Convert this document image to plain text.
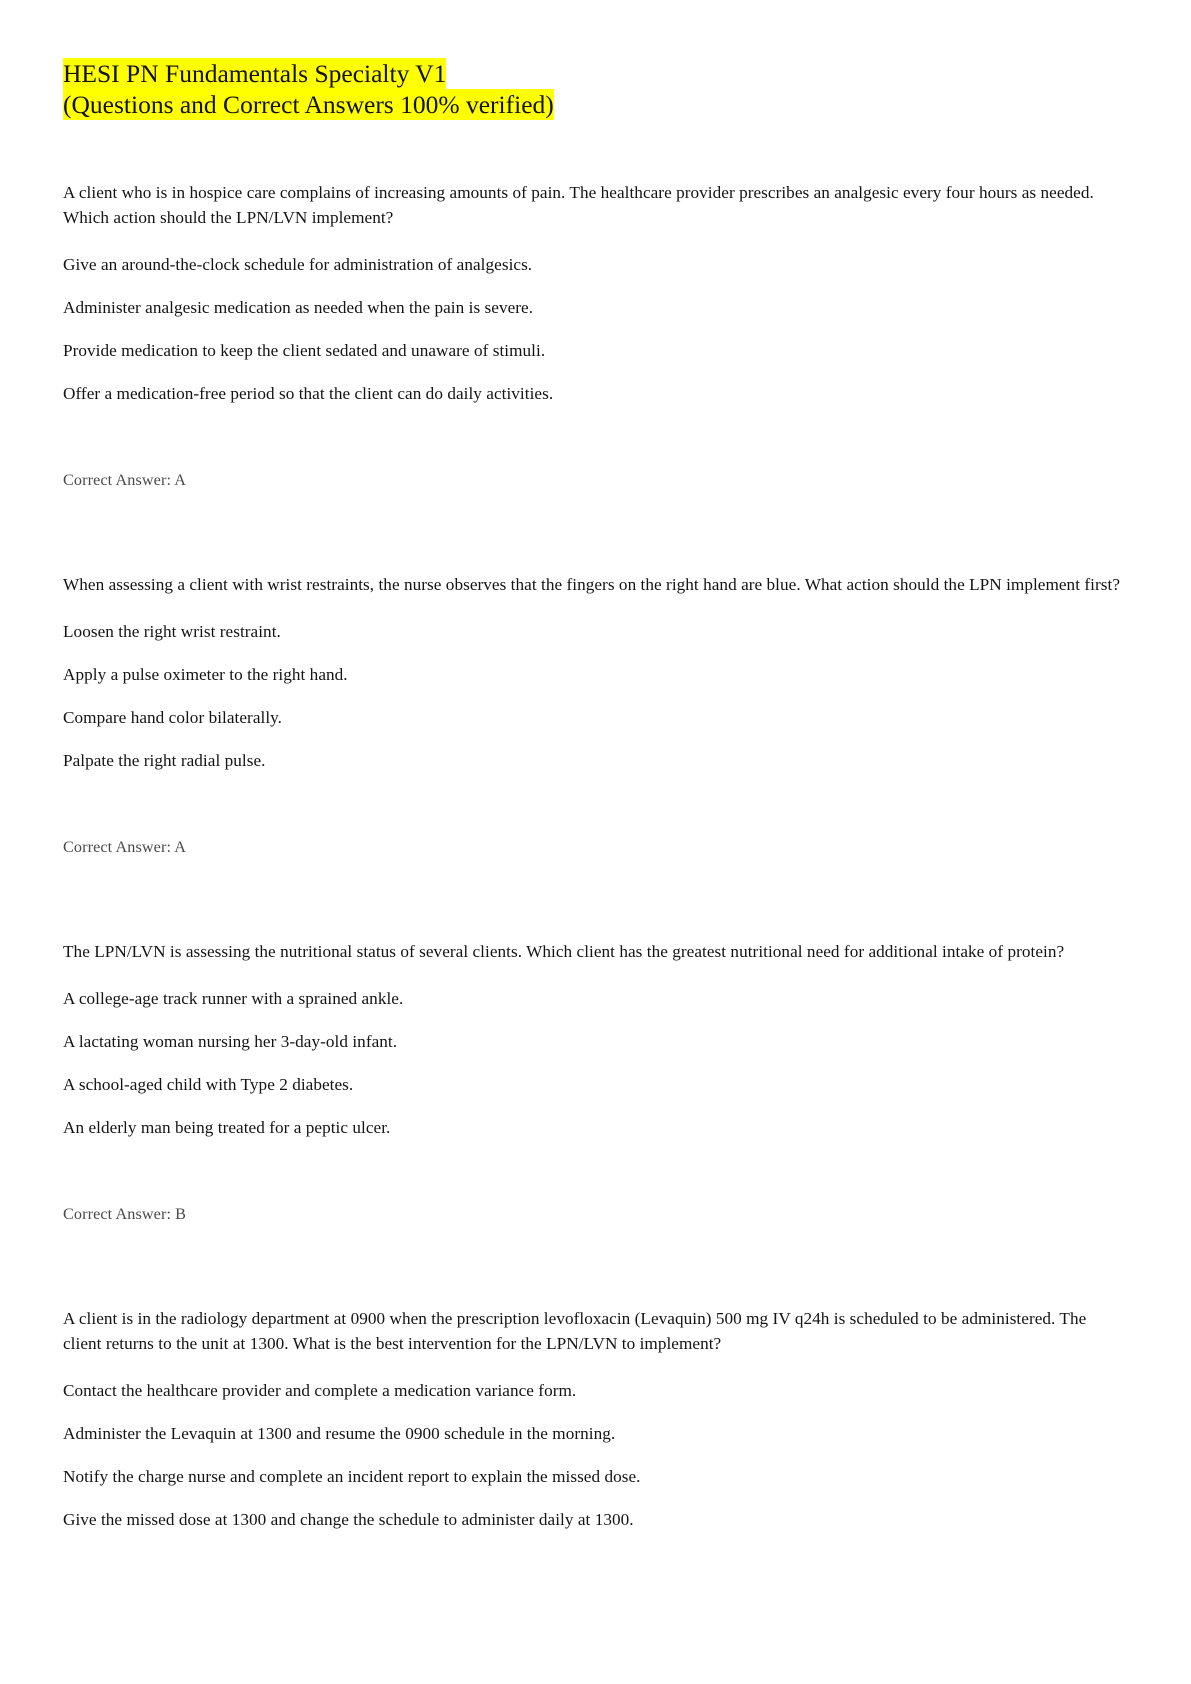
HESI PN Fundamentals Specialty V1
(Questions and Correct Answers 100% verified)

A client who is in hospice care complains of increasing amounts of pain. The healthcare provider prescribes an analgesic every four hours as needed. Which action should the LPN/LVN implement?

Give an around-the-clock schedule for administration of analgesics.

Administer analgesic medication as needed when the pain is severe.

Provide medication to keep the client sedated and unaware of stimuli.

Offer a medication-free period so that the client can do daily activities.

Correct Answer: A

When assessing a client with wrist restraints, the nurse observes that the fingers on the right hand are blue. What action should the LPN implement first?

Loosen the right wrist restraint.

Apply a pulse oximeter to the right hand.

Compare hand color bilaterally.

Palpate the right radial pulse.

Correct Answer: A

The LPN/LVN is assessing the nutritional status of several clients. Which client has the greatest nutritional need for additional intake of protein?

A college-age track runner with a sprained ankle.

A lactating woman nursing her 3-day-old infant.

A school-aged child with Type 2 diabetes.

An elderly man being treated for a peptic ulcer.

Correct Answer: B

A client is in the radiology department at 0900 when the prescription levofloxacin (Levaquin) 500 mg IV q24h is scheduled to be administered. The client returns to the unit at 1300. What is the best intervention for the LPN/LVN to implement?

Contact the healthcare provider and complete a medication variance form.

Administer the Levaquin at 1300 and resume the 0900 schedule in the morning.

Notify the charge nurse and complete an incident report to explain the missed dose.

Give the missed dose at 1300 and change the schedule to administer daily at 1300.
